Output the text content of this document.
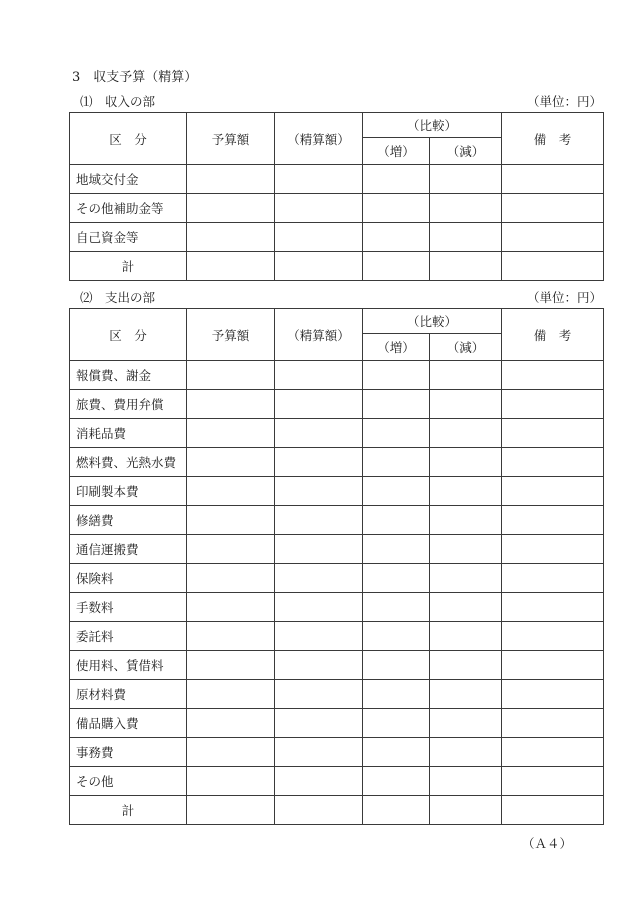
3　収支予算（精算）
⑴　収入の部	（単位：円）
区　分	予算額	（精算額）	（比較）		備　考
			（増）	（減）	
地域交付金					
その他補助金等					
自己資金等					
計					
⑵　支出の部	（単位：円）
区　分	予算額	（精算額）	（比較）		備　考
			（増）	（減）	
報償費、謝金					
旅費、費用弁償					
消耗品費					
燃料費、光熱水費					
印刷製本費					
修繕費					
通信運搬費					
保険料					
手数料					
委託料					
使用料、賃借料					
原材料費					
備品購入費					
事務費					
その他					
計					
（Ａ４）
